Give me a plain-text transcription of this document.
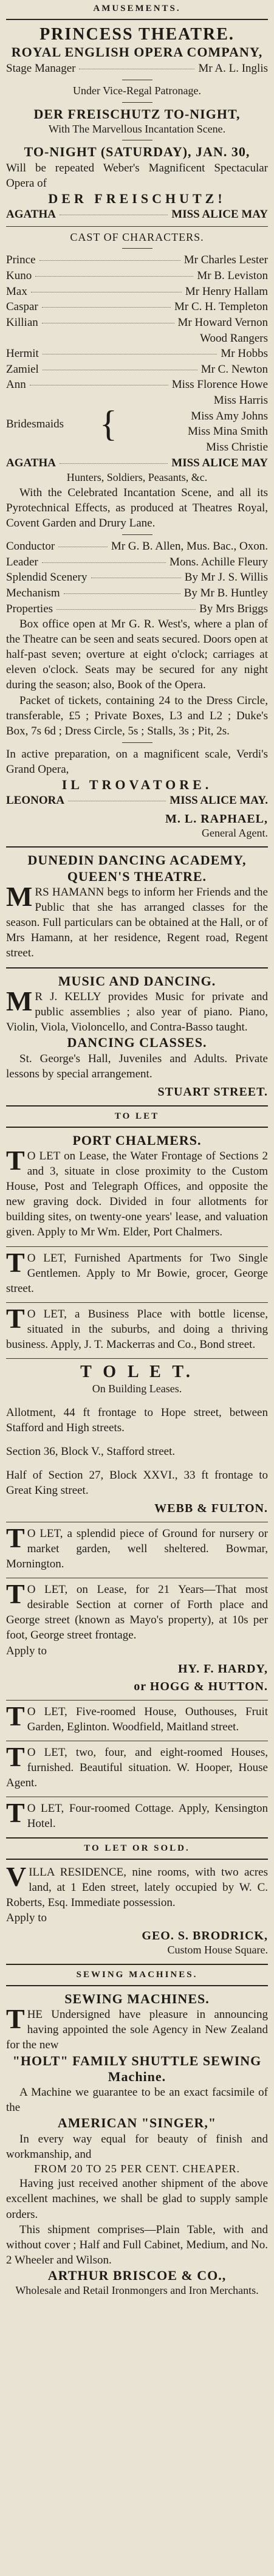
AMUSEMENTS.
PRINCESS THEATRE.
ROYAL ENGLISH OPERA COMPANY,
Stage Manager	Mr A. L. Inglis
Under Vice-Regal Patronage.
DER FREISCHUTZ TO-NIGHT,
With The Marvellous Incantation Scene.
TO-NIGHT (SATURDAY), JAN. 30,
Will be repeated Weber's Magnificent Spectacular Opera of
DER FREISCHUTZ!
AGATHA	MISS ALICE MAY
CAST OF CHARACTERS.
Prince	Mr Charles Lester
Kuno	Mr B. Leviston
Max	Mr Henry Hallam
Caspar	Mr C. H. Templeton
Killian	Mr Howard Vernon
Wood Rangers
Hermit	Mr Hobbs
Zamiel	Mr C. Newton
Ann	Miss Florence Howe
Bridesmaids {
Miss Harris
Miss Amy Johns
Miss Mina Smith
Miss Christie
AGATHA	MISS ALICE MAY
Hunters, Soldiers, Peasants, &c.
With the Celebrated Incantation Scene, and all its Pyrotechnical Effects, as produced at Theatres Royal, Covent Garden and Drury Lane.
Conductor	Mr G. B. Allen, Mus. Bac., Oxon.
Leader	Mons. Achille Fleury
Splendid Scenery	By Mr J. S. Willis
Mechanism	By Mr B. Huntley
Properties	By Mrs Briggs
Box office open at Mr G. R. West's, where a plan of the Theatre can be seen and seats secured. Doors open at half-past seven; overture at eight o'clock; carriages at eleven o'clock. Seats may be secured for any night during the season; also, Book of the Opera.
Packet of tickets, containing 24 to the Dress Circle, transferable, £5 ; Private Boxes, L3 and L2 ; Duke's Box, 7s 6d ; Dress Circle, 5s ; Stalls, 3s ; Pit, 2s.
In active preparation, on a magnificent scale, Verdi's Grand Opera,
IL TROVATORE.
LEONORA	MISS ALICE MAY.
M. L. RAPHAEL,
General Agent.
DUNEDIN DANCING ACADEMY,
QUEEN'S THEATRE.
MRS HAMANN begs to inform her Friends and the Public that she has arranged classes for the season. Full particulars can be obtained at the Hall, or of Mrs Hamann, at her residence, Regent road, Regent street.
MUSIC AND DANCING.
M R J. KELLY provides Music for private and public assemblies ; also year of piano. Piano, Violin, Viola, Violoncello, and Contra-Basso taught.
DANCING CLASSES.
St. George's Hall, Juveniles and Adults. Private lessons by special arrangement.
STUART STREET.
TO LET
PORT CHALMERS.
T O LET on Lease, the Water Frontage of Sections 2 and 3, situate in close proximity to the Custom House, Post and Telegraph Offices, and opposite the new graving dock. Divided in four allotments for building sites, on twenty-one years' lease, and valuation given. Apply to Mr Wm. Elder, Port Chalmers.
T O LET, Furnished Apartments for Two Single Gentlemen. Apply to Mr Bowie, grocer, George street.
T O LET, a Business Place with bottle license, situated in the suburbs, and doing a thriving business. Apply, J. T. Mackerras and Co., Bond street.
T O L E T.
On Building Leases.
Allotment, 44 ft frontage to Hope street, between Stafford and High streets.
Section 36, Block V., Stafford street.
Half of Section 27, Block XXVI., 33 ft frontage to Great King street.
WEBB & FULTON.
T O LET, a splendid piece of Ground for nursery or market garden, well sheltered. Bowmar, Mornington.
T O LET, on Lease, for 21 Years—That most desirable Section at corner of Forth place and George street (known as Mayo's property), at 10s per foot, George street frontage.
Apply to
HY. F. HARDY,
or HOGG & HUTTON.
T O LET, Five-roomed House, Outhouses, Fruit Garden, Eglinton. Woodfield, Maitland street.
T O LET, two, four, and eight-roomed Houses, furnished. Beautiful situation. W. Hooper, House Agent.
T O LET, Four-roomed Cottage. Apply, Kensington Hotel.
TO LET OR SOLD.
VILLA RESIDENCE, nine rooms, with two acres land, at 1 Eden street, lately occupied by W. C. Roberts, Esq. Immediate possession.
Apply to
GEO. S. BRODRICK,
Custom House Square.
SEWING MACHINES.
SEWING MACHINES.
THE Undersigned have pleasure in announcing having appointed the sole Agency in New Zealand for the new
"HOLT" FAMILY SHUTTLE SEWING Machine.
A Machine we guarantee to be an exact facsimile of the
AMERICAN "SINGER,"
In every way equal for beauty of finish and workmanship, and
FROM 20 TO 25 PER CENT. CHEAPER.
Having just received another shipment of the above excellent machines, we shall be glad to supply sample orders.
This shipment comprises—Plain Table, with and without cover ; Half and Full Cabinet, Medium, and No. 2 Wheeler and Wilson.
ARTHUR BRISCOE & CO.,
Wholesale and Retail Ironmongers and Iron Merchants.
